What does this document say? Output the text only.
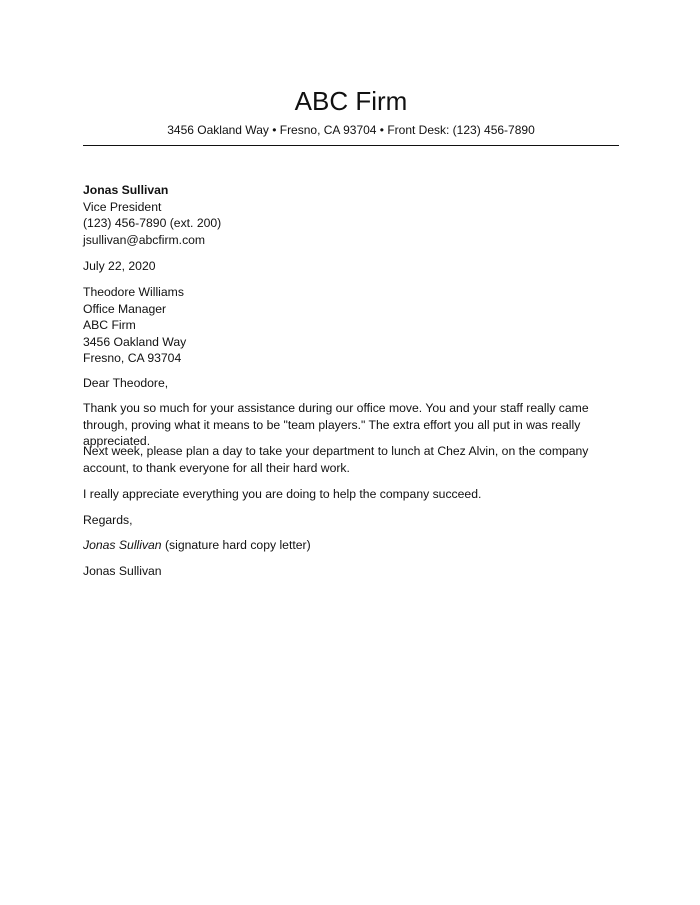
ABC Firm
3456 Oakland Way • Fresno, CA 93704 • Front Desk: (123) 456-7890

Jonas Sullivan

Vice President

(123) 456-7890 (ext. 200)

jsullivan@abcfirm.com

July 22, 2020

Theodore Williams

Office Manager

ABC Firm

3456 Oakland Way

Fresno, CA 93704

Dear Theodore,

Thank you so much for your assistance during our office move. You and your staff really came through, proving what it means to be "team players." The extra effort you all put in was really appreciated.

Next week, please plan a day to take your department to lunch at Chez Alvin, on the company account, to thank everyone for all their hard work.

I really appreciate everything you are doing to help the company succeed.

Regards,

Jonas Sullivan (signature hard copy letter)

Jonas Sullivan
